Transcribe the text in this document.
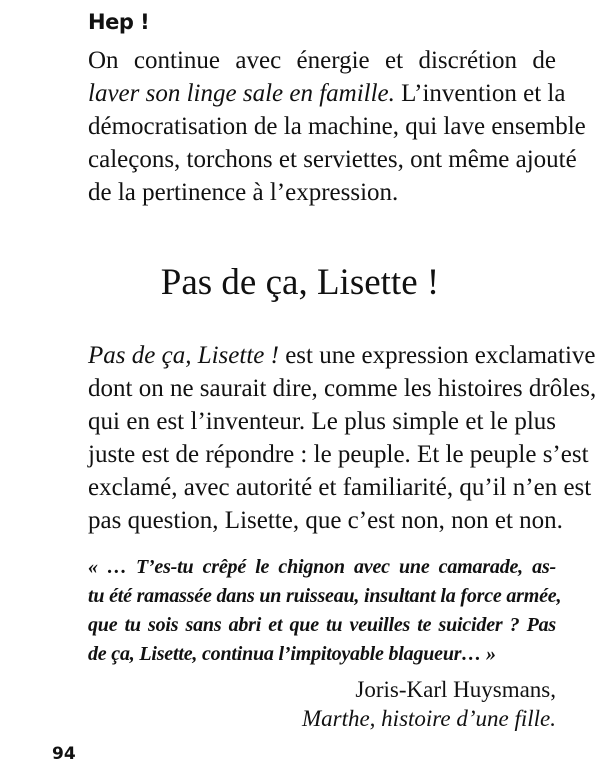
Hep !
On continue avec énergie et discrétion de
laver son linge sale en famille. L’invention et la
démocratisation de la machine, qui lave ensemble
caleçons, torchons et serviettes, ont même ajouté
de la pertinence à l’expression.
Pas de ça, Lisette !
Pas de ça, Lisette ! est une expression exclamative
dont on ne saurait dire, comme les histoires drôles,
qui en est l’inventeur. Le plus simple et le plus
juste est de répondre : le peuple. Et le peuple s’est
exclamé, avec autorité et familiarité, qu’il n’en est
pas question, Lisette, que c’est non, non et non.
« … T’es-tu crêpé le chignon avec une camarade, as-
tu été ramassée dans un ruisseau, insultant la force armée,
que tu sois sans abri et que tu veuilles te suicider ? Pas
de ça, Lisette, continua l’impitoyable blagueur… »
Joris-Karl Huysmans,
Marthe, histoire d’une fille.
94
